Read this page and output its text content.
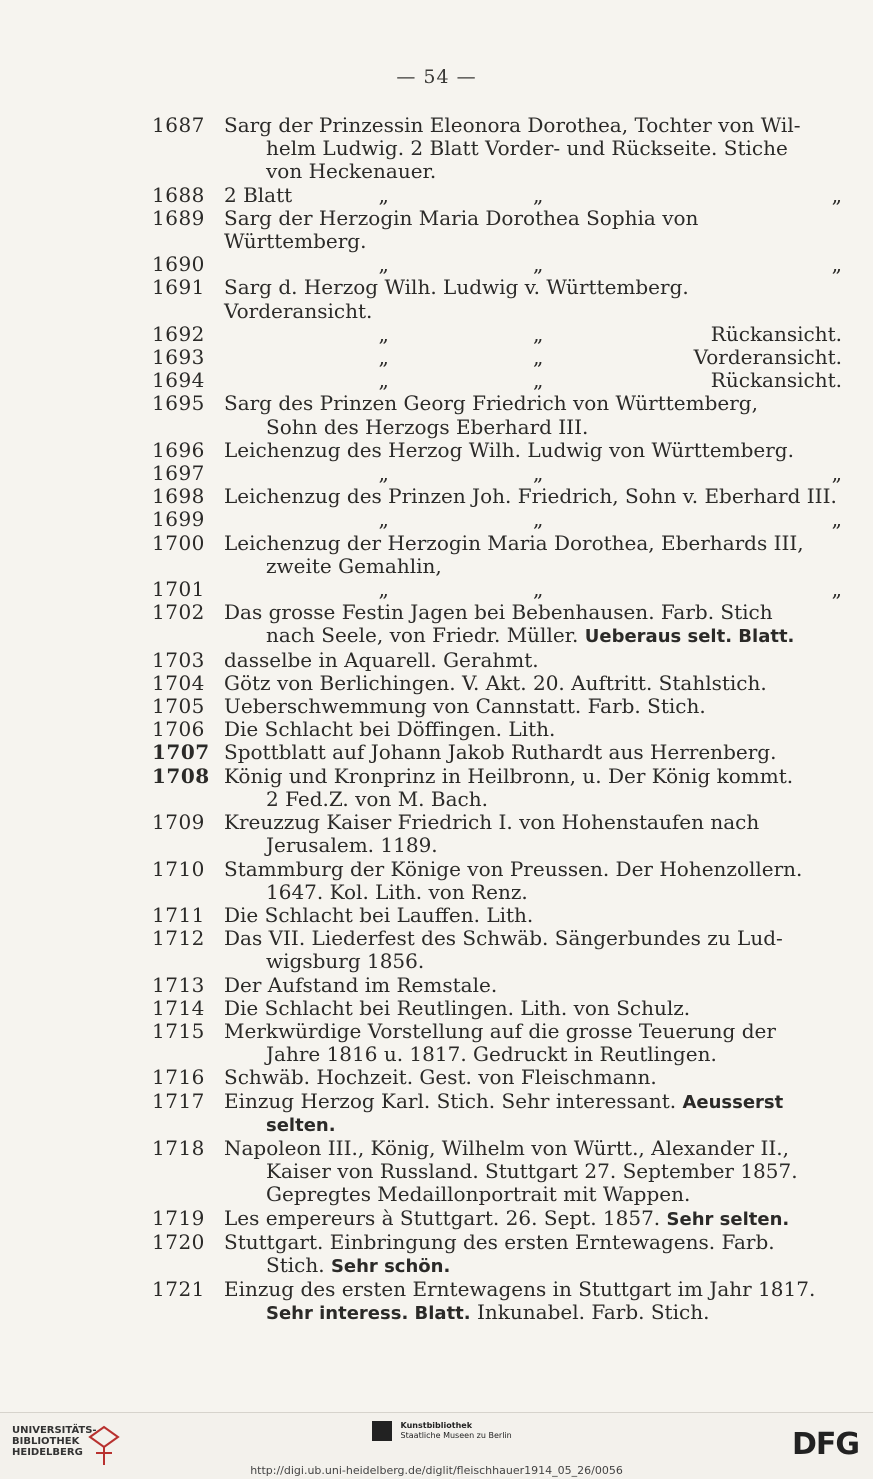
— 54 —
1687 Sarg der Prinzessin Eleonora Dorothea, Tochter von Wil-
helm Ludwig. 2 Blatt Vorder- und Rückseite. Stiche
von Heckenauer.
1688 2 Blatt	„	„	„
1689 Sarg der Herzogin Maria Dorothea Sophia von Württemberg.
1690	„	„	„
1691 Sarg d. Herzog Wilh. Ludwig v. Württemberg. Vorderansicht.
1692	„	„	Rückansicht.
1693	„	„	Vorderansicht.
1694	„	„	Rückansicht.
1695 Sarg des Prinzen Georg Friedrich von Württemberg,
Sohn des Herzogs Eberhard III.
1696 Leichenzug des Herzog Wilh. Ludwig von Württemberg.
1697	„	„	„
1698 Leichenzug des Prinzen Joh. Friedrich, Sohn v. Eberhard III.
1699	„	„	„
1700 Leichenzug der Herzogin Maria Dorothea, Eberhards III,
zweite Gemahlin,
1701	„	„	„
1702 Das grosse Festin Jagen bei Bebenhausen. Farb. Stich
nach Seele, von Friedr. Müller. Ueberaus selt. Blatt.
1703 dasselbe in Aquarell. Gerahmt.
1704 Götz von Berlichingen. V. Akt. 20. Auftritt. Stahlstich.
1705 Ueberschwemmung von Cannstatt. Farb. Stich.
1706 Die Schlacht bei Döffingen. Lith.
1707 Spottblatt auf Johann Jakob Ruthardt aus Herrenberg.
1708 König und Kronprinz in Heilbronn, u. Der König kommt.
2 Fed.Z. von M. Bach.
1709 Kreuzzug Kaiser Friedrich I. von Hohenstaufen nach
Jerusalem. 1189.
1710 Stammburg der Könige von Preussen. Der Hohenzollern.
1647. Kol. Lith. von Renz.
1711 Die Schlacht bei Lauffen. Lith.
1712 Das VII. Liederfest des Schwäb. Sängerbundes zu Lud-
wigsburg 1856.
1713 Der Aufstand im Remstale.
1714 Die Schlacht bei Reutlingen. Lith. von Schulz.
1715 Merkwürdige Vorstellung auf die grosse Teuerung der
Jahre 1816 u. 1817. Gedruckt in Reutlingen.
1716 Schwäb. Hochzeit. Gest. von Fleischmann.
1717 Einzug Herzog Karl. Stich. Sehr interessant. Aeusserst
selten.
1718 Napoleon III., König, Wilhelm von Württ., Alexander II.,
Kaiser von Russland. Stuttgart 27. September 1857.
Gepregtes Medaillonportrait mit Wappen.
1719 Les empereurs à Stuttgart. 26. Sept. 1857. Sehr selten.
1720 Stuttgart. Einbringung des ersten Erntewagens. Farb.
Stich. Sehr schön.
1721 Einzug des ersten Erntewagens in Stuttgart im Jahr 1817.
Sehr interess. Blatt. Inkunabel. Farb. Stich.
UNIVERSITÄTS-
BIBLIOTHEK
HEIDELBERG

Kunstbibliothek
Staatliche Museen zu Berlin	DFG
http://digi.ub.uni-heidelberg.de/diglit/fleischhauer1914_05_26/0056
